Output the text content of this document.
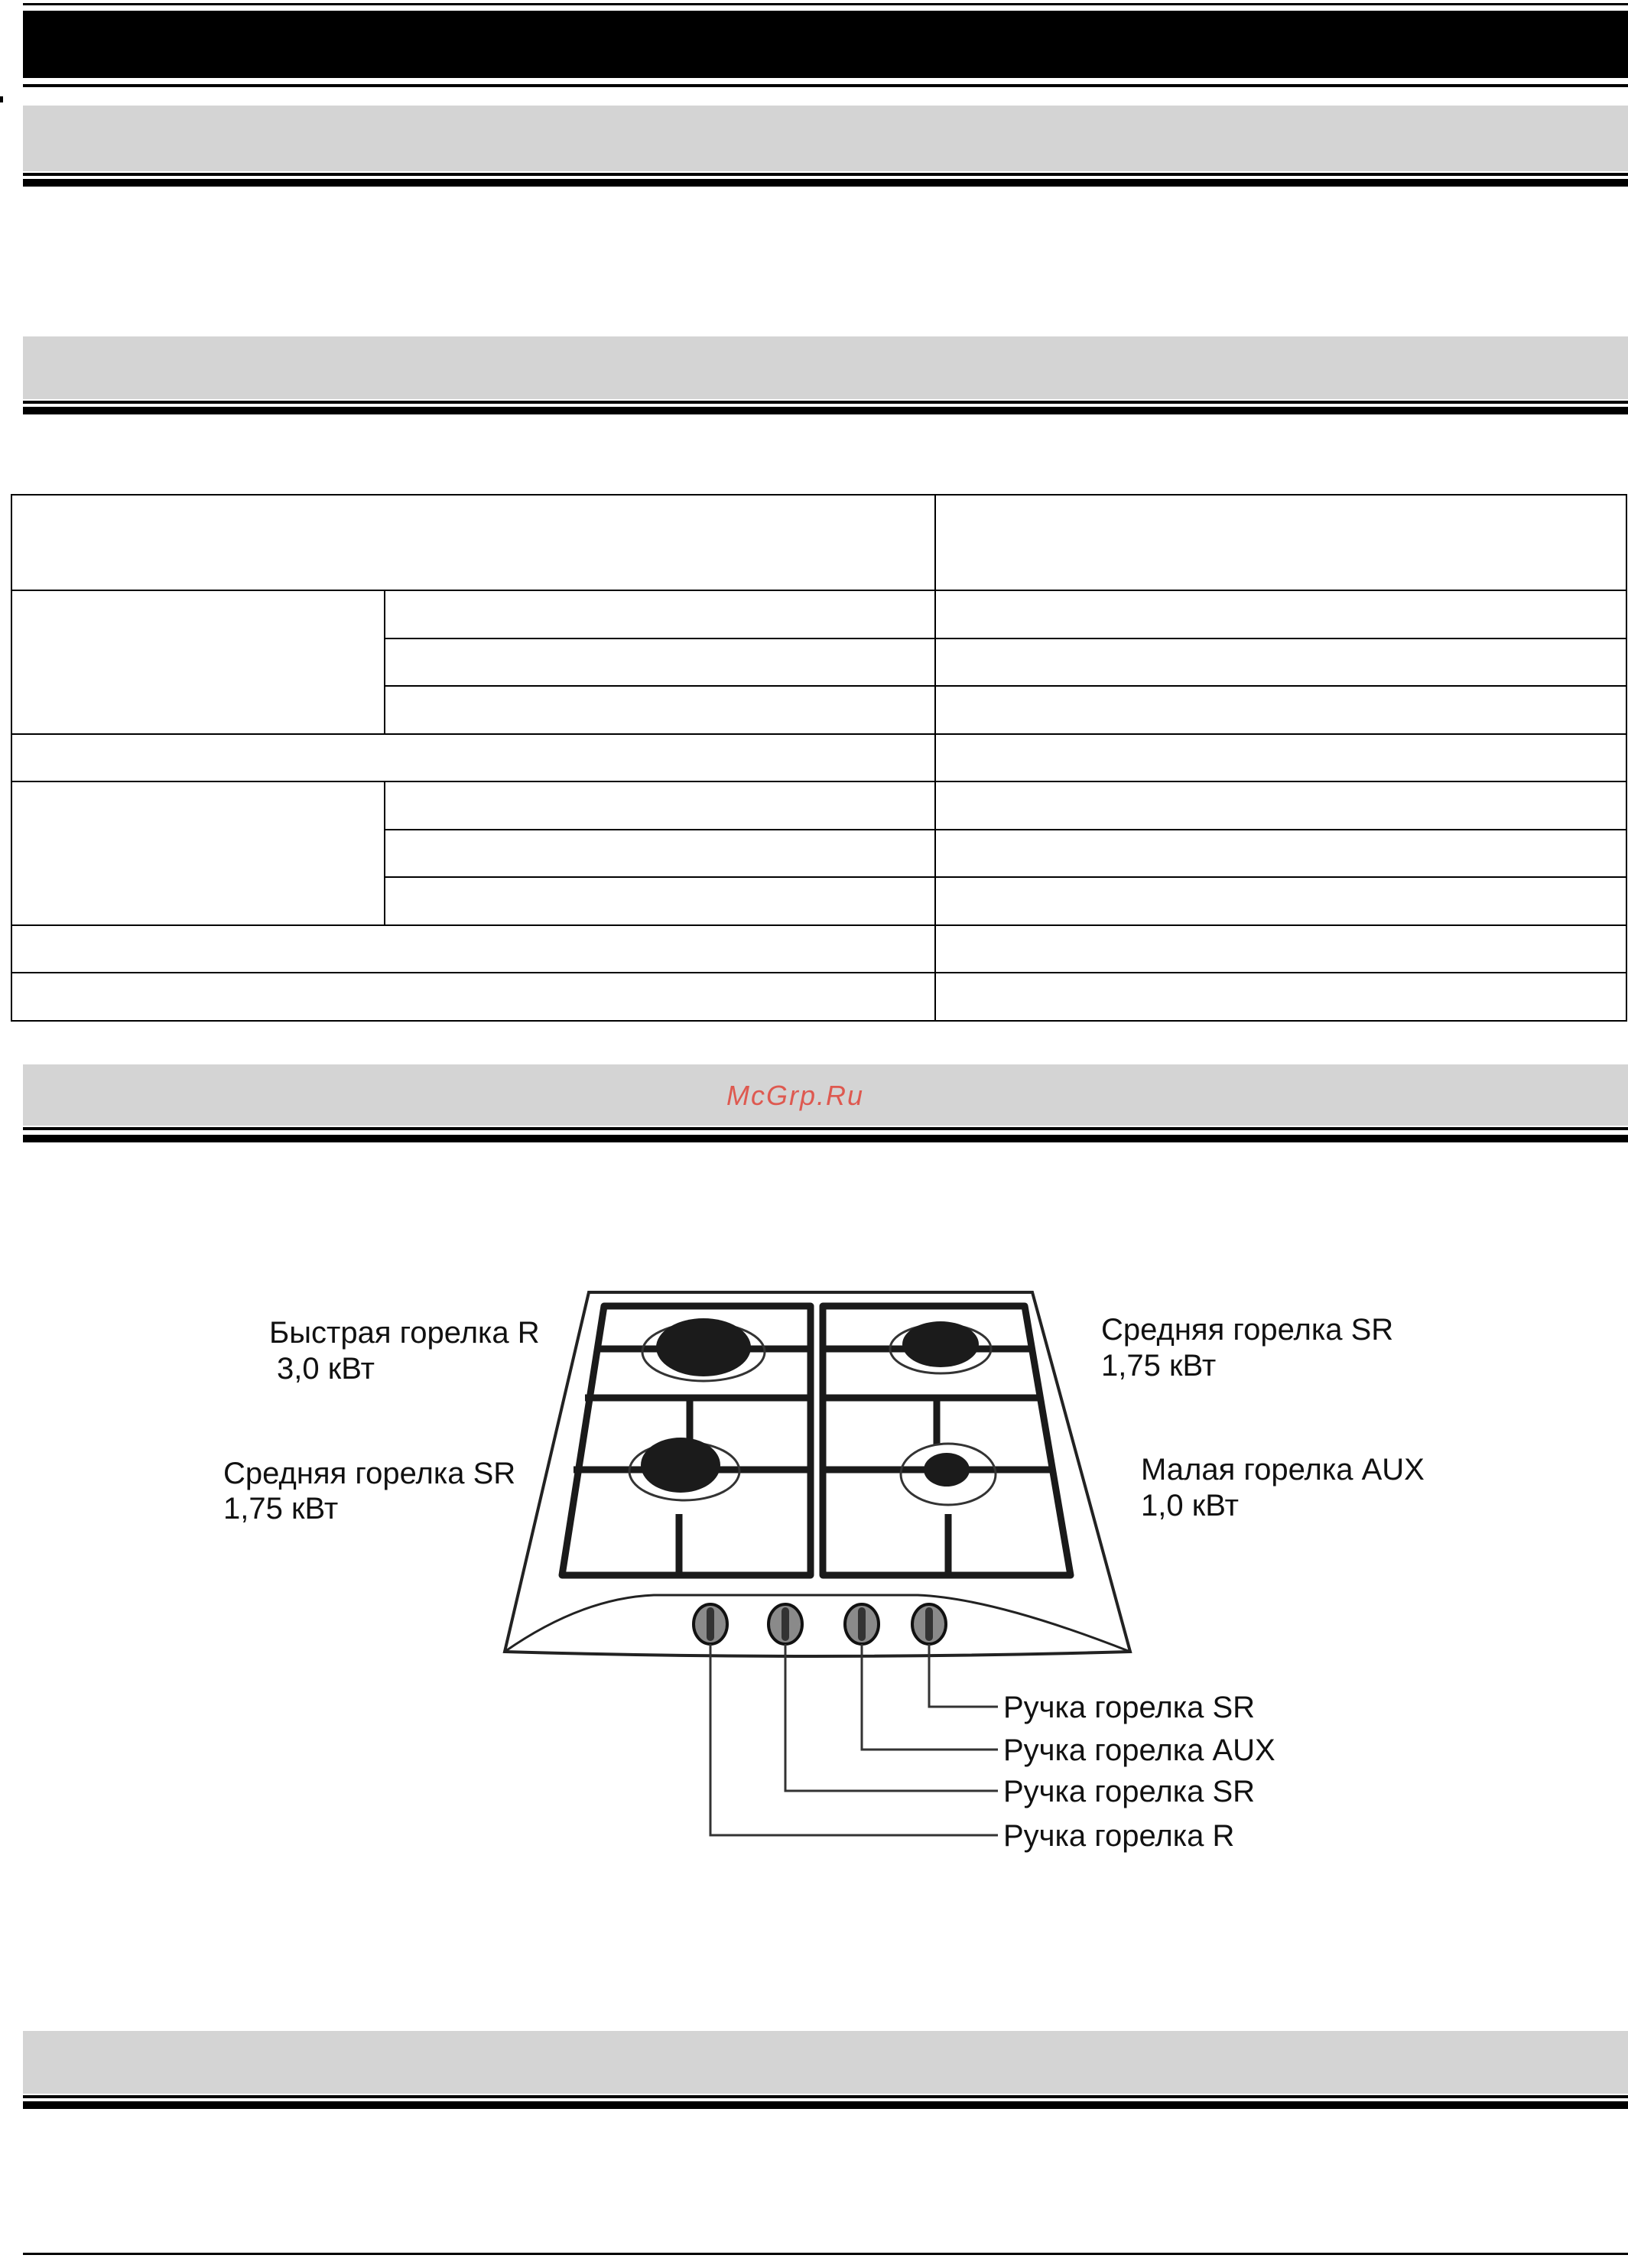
McGrp.Ru
Быстрая горелка R
3,0 кВт
Средняя горелка SR
1,75 кВт
Средняя горелка SR
1,75 кВт
Малая горелка AUX
1,0 кВт
Ручка горелка SR
Ручка горелка AUX
Ручка горелка SR
Ручка горелка R
